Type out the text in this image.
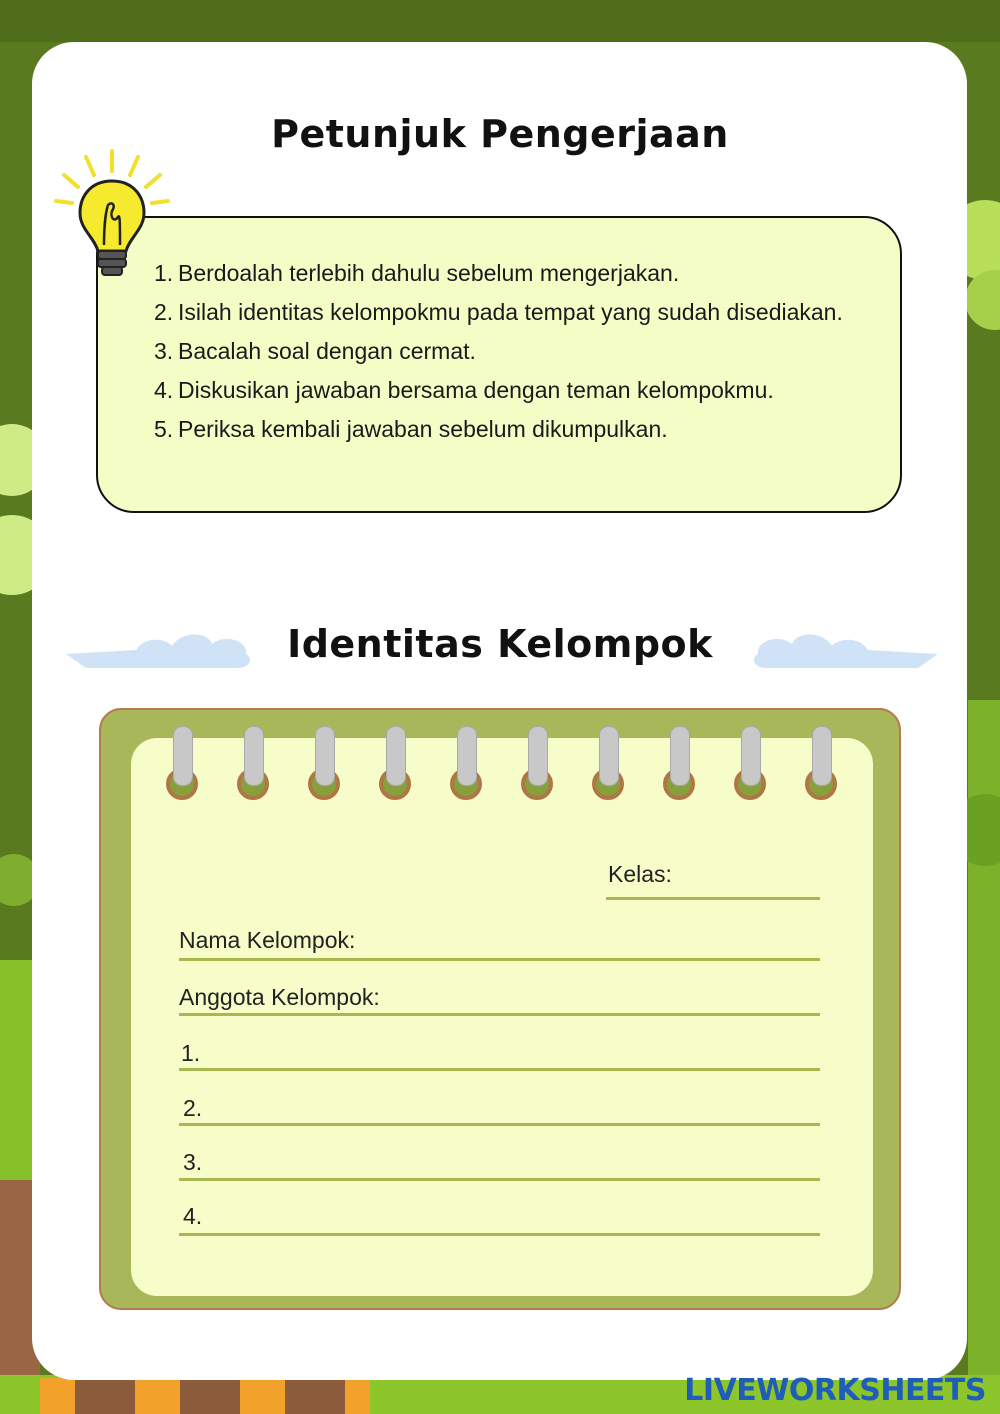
Petunjuk Pengerjaan
1. Berdoalah terlebih dahulu sebelum mengerjakan.
2. Isilah identitas kelompokmu pada tempat yang sudah disediakan.
3. Bacalah soal dengan cermat.
4. Diskusikan jawaban bersama dengan teman kelompokmu.
5. Periksa kembali jawaban sebelum dikumpulkan.
Identitas Kelompok
Kelas:
Nama Kelompok:
Anggota Kelompok:
1.
2.
3.
4.
LIVEWORKSHEETS
